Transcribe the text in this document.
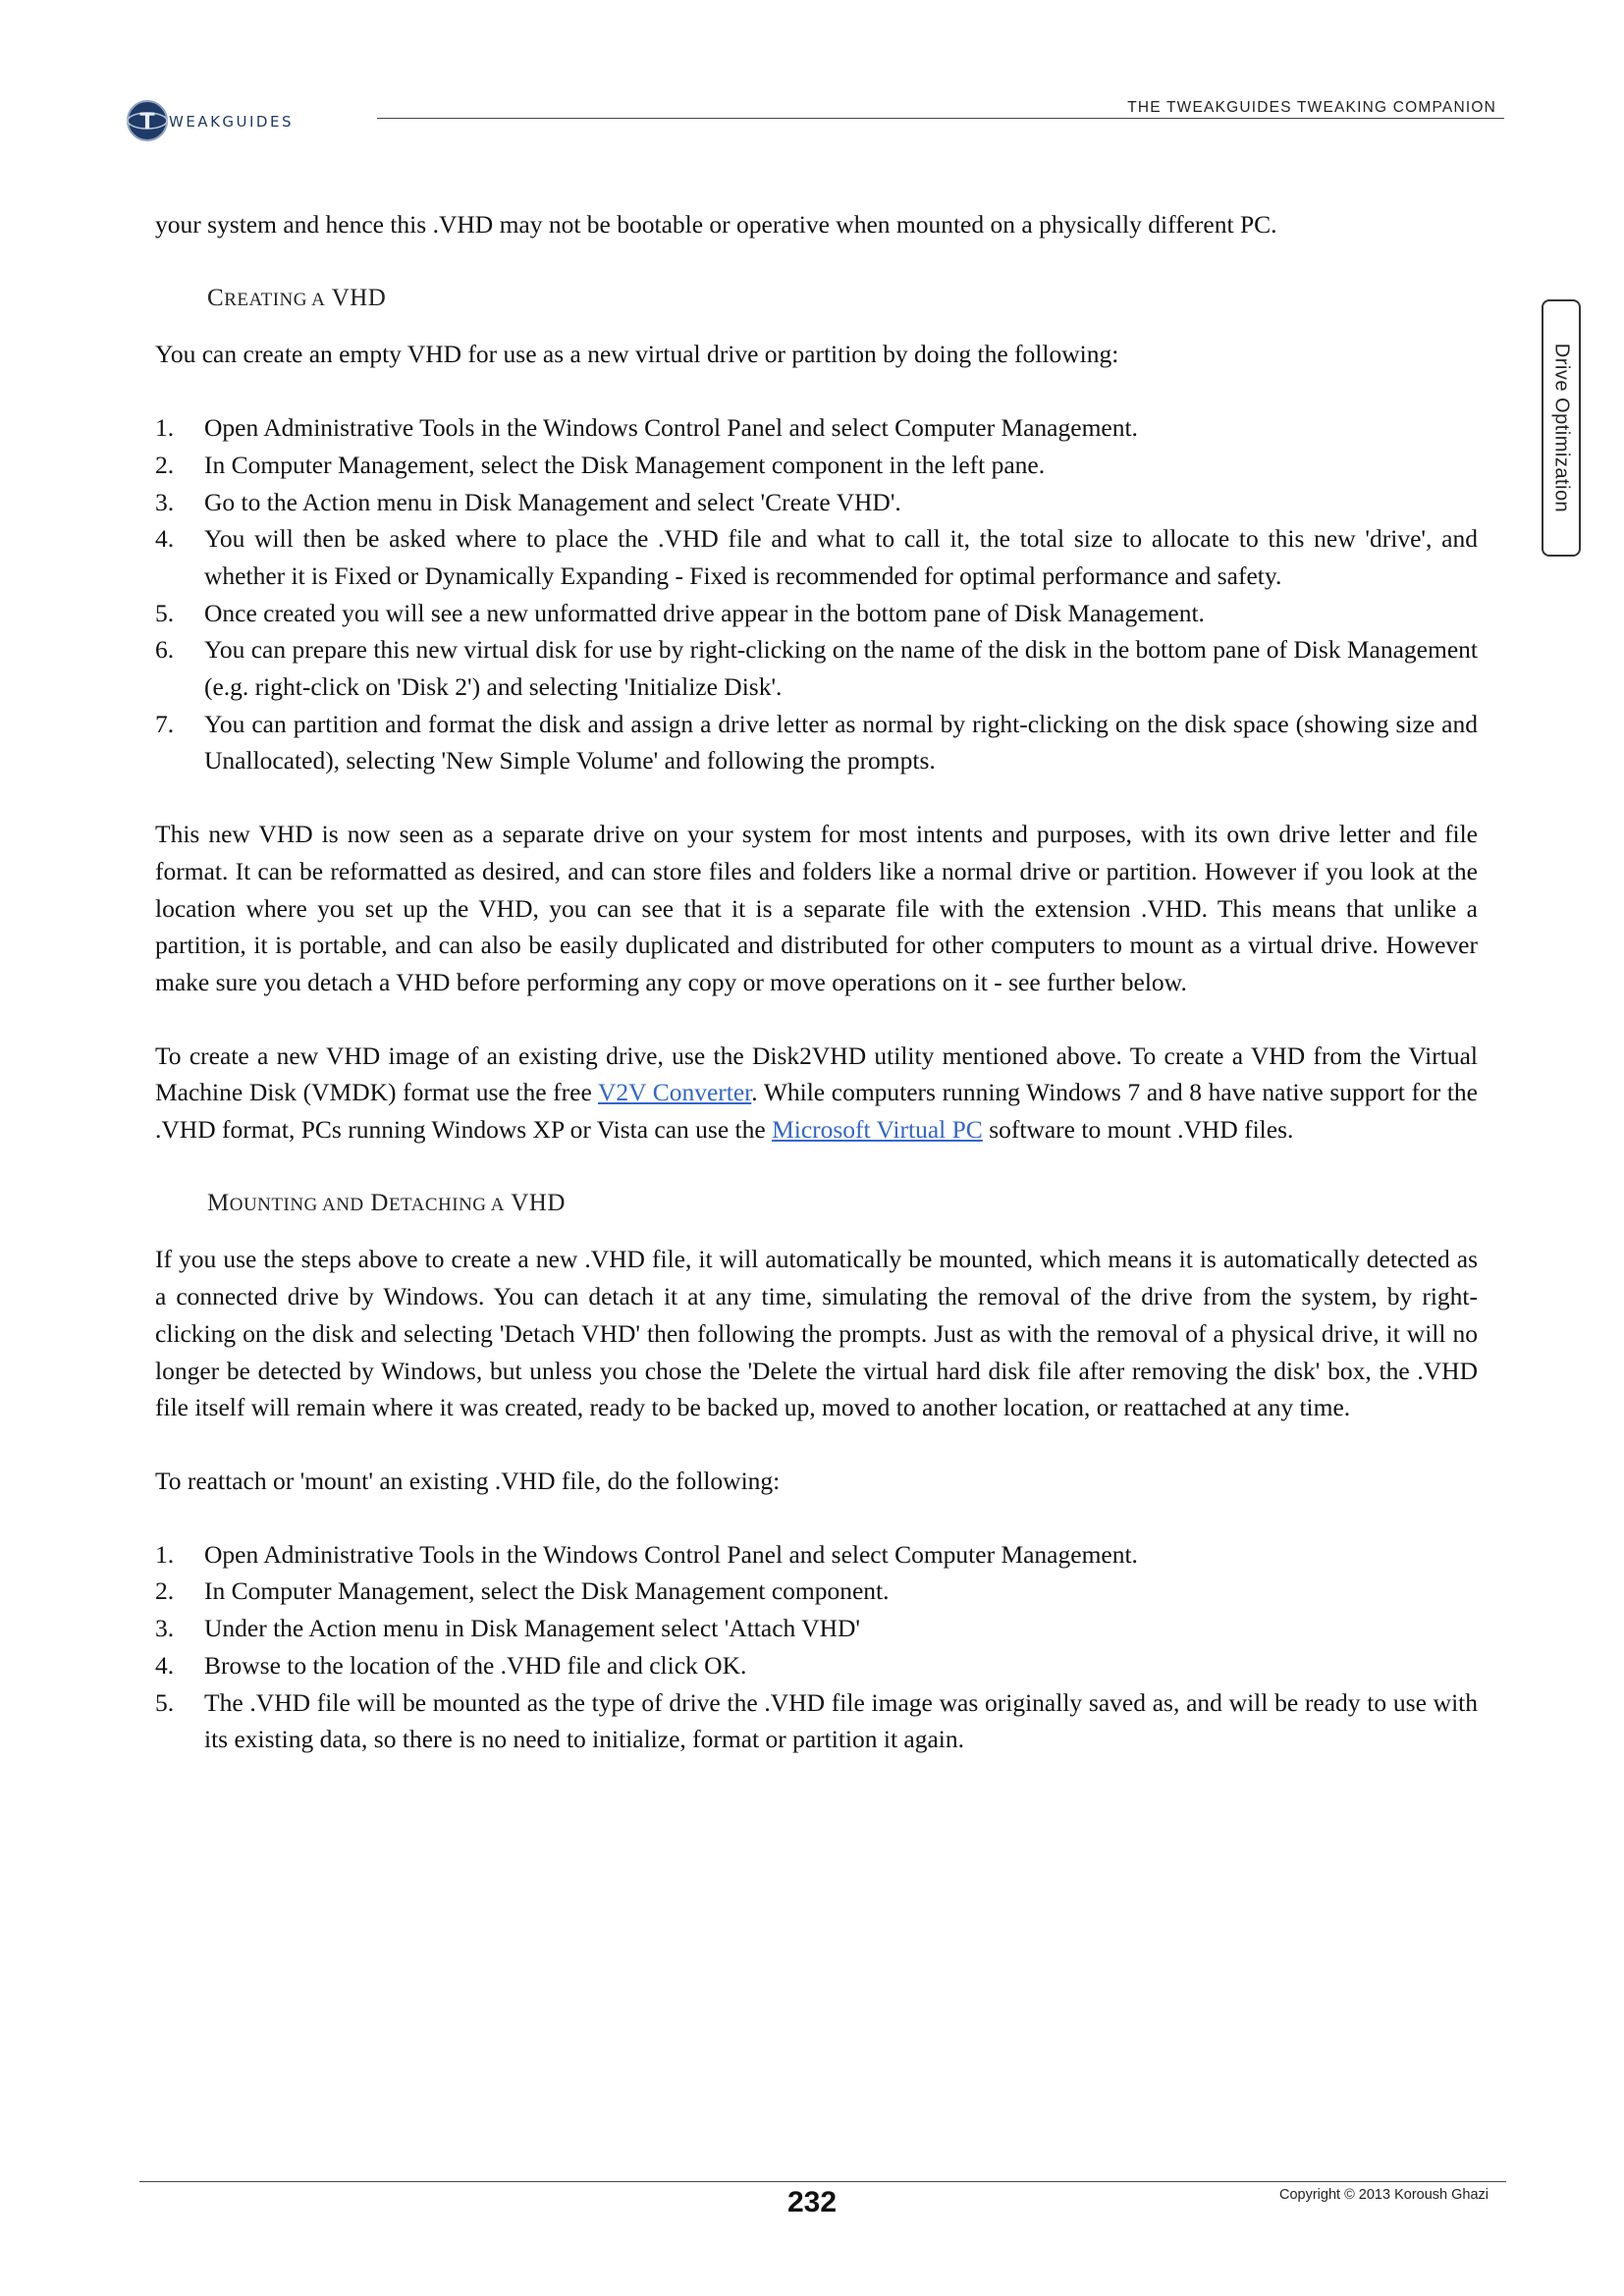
T WEAKGUIDES
THE TWEAKGUIDES TWEAKING COMPANION
Drive Optimization

your system and hence this .VHD may not be bootable or operative when mounted on a physically different PC.

CREATING A VHD

You can create an empty VHD for use as a new virtual drive or partition by doing the following:

1. Open Administrative Tools in the Windows Control Panel and select Computer Management.
2. In Computer Management, select the Disk Management component in the left pane.
3. Go to the Action menu in Disk Management and select 'Create VHD'.
4. You will then be asked where to place the .VHD file and what to call it, the total size to allocate to this new 'drive', and whether it is Fixed or Dynamically Expanding - Fixed is recommended for optimal performance and safety.
5. Once created you will see a new unformatted drive appear in the bottom pane of Disk Management.
6. You can prepare this new virtual disk for use by right-clicking on the name of the disk in the bottom pane of Disk Management (e.g. right-click on 'Disk 2') and selecting 'Initialize Disk'.
7. You can partition and format the disk and assign a drive letter as normal by right-clicking on the disk space (showing size and Unallocated), selecting 'New Simple Volume' and following the prompts.

This new VHD is now seen as a separate drive on your system for most intents and purposes, with its own drive letter and file format. It can be reformatted as desired, and can store files and folders like a normal drive or partition. However if you look at the location where you set up the VHD, you can see that it is a separate file with the extension .VHD. This means that unlike a partition, it is portable, and can also be easily duplicated and distributed for other computers to mount as a virtual drive. However make sure you detach a VHD before performing any copy or move operations on it - see further below.

To create a new VHD image of an existing drive, use the Disk2VHD utility mentioned above. To create a VHD from the Virtual Machine Disk (VMDK) format use the free V2V Converter. While computers running Windows 7 and 8 have native support for the .VHD format, PCs running Windows XP or Vista can use the Microsoft Virtual PC software to mount .VHD files.

MOUNTING AND DETACHING A VHD

If you use the steps above to create a new .VHD file, it will automatically be mounted, which means it is automatically detected as a connected drive by Windows. You can detach it at any time, simulating the removal of the drive from the system, by right-clicking on the disk and selecting 'Detach VHD' then following the prompts. Just as with the removal of a physical drive, it will no longer be detected by Windows, but unless you chose the 'Delete the virtual hard disk file after removing the disk' box, the .VHD file itself will remain where it was created, ready to be backed up, moved to another location, or reattached at any time.

To reattach or 'mount' an existing .VHD file, do the following:

1. Open Administrative Tools in the Windows Control Panel and select Computer Management.
2. In Computer Management, select the Disk Management component.
3. Under the Action menu in Disk Management select 'Attach VHD'
4. Browse to the location of the .VHD file and click OK.
5. The .VHD file will be mounted as the type of drive the .VHD file image was originally saved as, and will be ready to use with its existing data, so there is no need to initialize, format or partition it again.
232	Copyright © 2013 Koroush Ghazi
